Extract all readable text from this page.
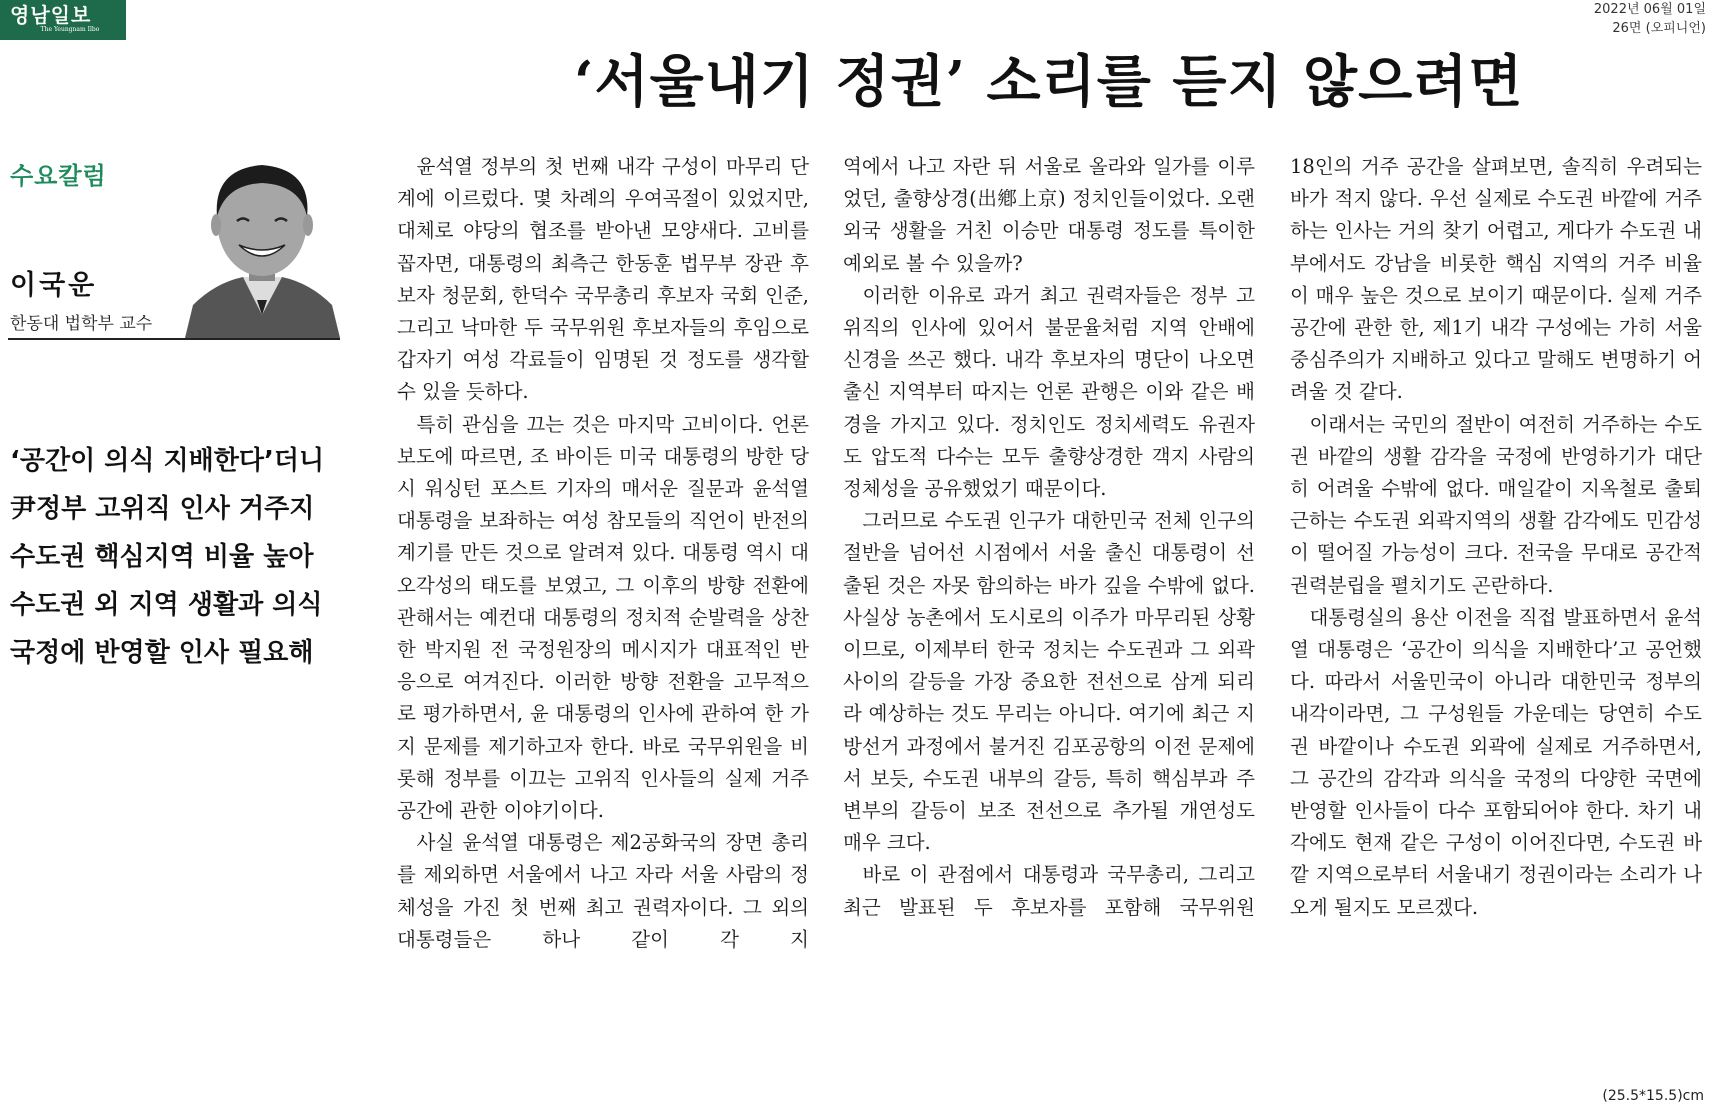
영남일보
The Yeungnam Ilbo
2022년 06월 01일
26면 (오피니언)
‘서울내기 정권’ 소리를 듣지 않으려면
수요칼럼
이국운
한동대 법학부 교수
‘공간이 의식 지배한다’더니
尹정부 고위직 인사 거주지
수도권 핵심지역 비율 높아
수도권 외 지역 생활과 의식
국정에 반영할 인사 필요해

윤석열 정부의 첫 번째 내각 구성이 마무리 단계에 이르렀다. 몇 차례의 우여곡절이 있었지만, 대체로 야당의 협조를 받아낸 모양새다. 고비를 꼽자면, 대통령의 최측근 한동훈 법무부 장관 후보자 청문회, 한덕수 국무총리 후보자 국회 인준, 그리고 낙마한 두 국무위원 후보자들의 후임으로 갑자기 여성 각료들이 임명된 것 정도를 생각할 수 있을 듯하다.

특히 관심을 끄는 것은 마지막 고비이다. 언론 보도에 따르면, 조 바이든 미국 대통령의 방한 당시 워싱턴 포스트 기자의 매서운 질문과 윤석열 대통령을 보좌하는 여성 참모들의 직언이 반전의 계기를 만든 것으로 알려져 있다. 대통령 역시 대오각성의 태도를 보였고, 그 이후의 방향 전환에 관해서는 예컨대 대통령의 정치적 순발력을 상찬한 박지원 전 국정원장의 메시지가 대표적인 반응으로 여겨진다. 이러한 방향 전환을 고무적으로 평가하면서, 윤 대통령의 인사에 관하여 한 가지 문제를 제기하고자 한다. 바로 국무위원을 비롯해 정부를 이끄는 고위직 인사들의 실제 거주 공간에 관한 이야기이다.

사실 윤석열 대통령은 제2공화국의 장면 총리를 제외하면 서울에서 나고 자라 서울 사람의 정체성을 가진 첫 번째 최고 권력자이다. 그 외의 대통령들은 하나 같이 각 지

역에서 나고 자란 뒤 서울로 올라와 일가를 이루었던, 출향상경(出鄕上京) 정치인들이었다. 오랜 외국 생활을 거친 이승만 대통령 정도를 특이한 예외로 볼 수 있을까?

이러한 이유로 과거 최고 권력자들은 정부 고위직의 인사에 있어서 불문율처럼 지역 안배에 신경을 쓰곤 했다. 내각 후보자의 명단이 나오면 출신 지역부터 따지는 언론 관행은 이와 같은 배경을 가지고 있다. 정치인도 정치세력도 유권자도 압도적 다수는 모두 출향상경한 객지 사람의 정체성을 공유했었기 때문이다.

그러므로 수도권 인구가 대한민국 전체 인구의 절반을 넘어선 시점에서 서울 출신 대통령이 선출된 것은 자못 함의하는 바가 깊을 수밖에 없다. 사실상 농촌에서 도시로의 이주가 마무리된 상황이므로, 이제부터 한국 정치는 수도권과 그 외곽 사이의 갈등을 가장 중요한 전선으로 삼게 되리라 예상하는 것도 무리는 아니다. 여기에 최근 지방선거 과정에서 불거진 김포공항의 이전 문제에서 보듯, 수도권 내부의 갈등, 특히 핵심부과 주변부의 갈등이 보조 전선으로 추가될 개연성도 매우 크다.

바로 이 관점에서 대통령과 국무총리, 그리고 최근 발표된 두 후보자를 포함해 국무위원

18인의 거주 공간을 살펴보면, 솔직히 우려되는 바가 적지 않다. 우선 실제로 수도권 바깥에 거주하는 인사는 거의 찾기 어렵고, 게다가 수도권 내부에서도 강남을 비롯한 핵심 지역의 거주 비율이 매우 높은 것으로 보이기 때문이다. 실제 거주 공간에 관한 한, 제1기 내각 구성에는 가히 서울 중심주의가 지배하고 있다고 말해도 변명하기 어려울 것 같다.

이래서는 국민의 절반이 여전히 거주하는 수도권 바깥의 생활 감각을 국정에 반영하기가 대단히 어려울 수밖에 없다. 매일같이 지옥철로 출퇴근하는 수도권 외곽지역의 생활 감각에도 민감성이 떨어질 가능성이 크다. 전국을 무대로 공간적 권력분립을 펼치기도 곤란하다.

대통령실의 용산 이전을 직접 발표하면서 윤석열 대통령은 ‘공간이 의식을 지배한다’고 공언했다. 따라서 서울민국이 아니라 대한민국 정부의 내각이라면, 그 구성원들 가운데는 당연히 수도권 바깥이나 수도권 외곽에 실제로 거주하면서, 그 공간의 감각과 의식을 국정의 다양한 국면에 반영할 인사들이 다수 포함되어야 한다. 차기 내각에도 현재 같은 구성이 이어진다면, 수도권 바깥 지역으로부터 서울내기 정권이라는 소리가 나오게 될지도 모르겠다.

(25.5*15.5)cm
